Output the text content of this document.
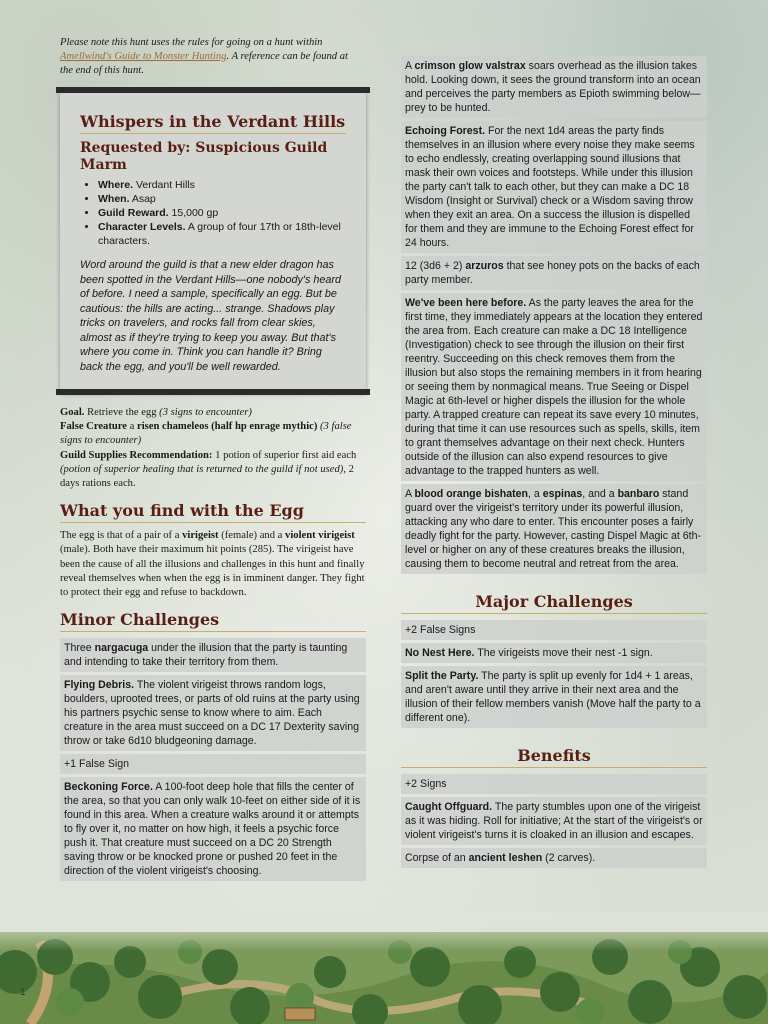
Please note this hunt uses the rules for going on a hunt within Amellwind's Guide to Monster Hunting. A reference can be found at the end of this hunt.

Whispers in the Verdant Hills
Requested by: Suspicious Guild Marm
• Where. Verdant Hills
• When. Asap
• Guild Reward. 15,000 gp
• Character Levels. A group of four 17th or 18th-level characters.

Word around the guild is that a new elder dragon has been spotted in the Verdant Hills—one nobody's heard of before. I need a sample, specifically an egg. But be cautious: the hills are acting... strange. Shadows play tricks on travelers, and rocks fall from clear skies, almost as if they're trying to keep you away. But that's where you come in. Think you can handle it? Bring back the egg, and you'll be well rewarded.

Goal. Retrieve the egg (3 signs to encounter)

False Creature a risen chameleos (half hp enrage mythic) (3 false signs to encounter)

Guild Supplies Recommendation: 1 potion of superior first aid each (potion of superior healing that is returned to the guild if not used), 2 days rations each.

What you find with the Egg

The egg is that of a pair of a virigeist (female) and a violent virigeist (male). Both have their maximum hit points (285). The virigeist have been the cause of all the illusions and challenges in this hunt and finally reveal themselves when when the egg is in imminent danger. They fight to protect their egg and refuse to backdown.

Minor Challenges
Three nargacuga under the illusion that the party is taunting and intending to take their territory from them.
Flying Debris. The violent virigeist throws random logs, boulders, uprooted trees, or parts of old ruins at the party using his partners psychic sense to know where to aim. Each creature in the area must succeed on a DC 17 Dexterity saving throw or take 6d10 bludgeoning damage.
+1 False Sign
Beckoning Force. A 100-foot deep hole that fills the center of the area, so that you can only walk 10-feet on either side of it is found in this area. When a creature walks around it or attempts to fly over it, no matter on how high, it feels a psychic force push it. That creature must succeed on a DC 20 Strength saving throw or be knocked prone or pushed 20 feet in the direction of the violent virigeist's choosing.
A crimson glow valstrax soars overhead as the illusion takes hold. Looking down, it sees the ground transform into an ocean and perceives the party members as Epioth swimming below—prey to be hunted.
Echoing Forest. For the next 1d4 areas the party finds themselves in an illusion where every noise they make seems to echo endlessly, creating overlapping sound illusions that mask their own voices and footsteps. While under this illusion the party can't talk to each other, but they can make a DC 18 Wisdom (Insight or Survival) check or a Wisdom saving throw when they exit an area. On a success the illusion is dispelled for them and they are immune to the Echoing Forest effect for 24 hours.
12 (3d6 + 2) arzuros that see honey pots on the backs of each party member.
We've been here before. As the party leaves the area for the first time, they immediately appears at the location they entered the area from. Each creature can make a DC 18 Intelligence (Investigation) check to see through the illusion on their first reentry. Succeeding on this check removes them from the illusion but also stops the remaining members in it from hearing or seeing them by nonmagical means. True Seeing or Dispel Magic at 6th-level or higher dispels the illusion for the whole party. A trapped creature can repeat its save every 10 minutes, during that time it can use resources such as spells, skills, item to grant themselves advantage on their next check. Hunters outside of the illusion can also expend resources to give advantage to the trapped hunters as well.
A blood orange bishaten, a espinas, and a banbaro stand guard over the virigeist's territory under its powerful illusion, attacking any who dare to enter. This encounter poses a fairly deadly fight for the party. However, casting Dispel Magic at 6th-level or higher on any of these creatures breaks the illusion, causing them to become neutral and retreat from the area.
Major Challenges
+2 False Signs
No Nest Here. The virigeists move their nest -1 sign.
Split the Party. The party is split up evenly for 1d4 + 1 areas, and aren't aware until they arrive in their next area and the illusion of their fellow members vanish (Move half the party to a different one).
Benefits
+2 Signs
Caught Offguard. The party stumbles upon one of the virigeist as it was hiding. Roll for initiative; At the start of the virigeist's or violent virigeist's turns it is cloaked in an illusion and escapes.
Corpse of an ancient leshen (2 carves).
1
